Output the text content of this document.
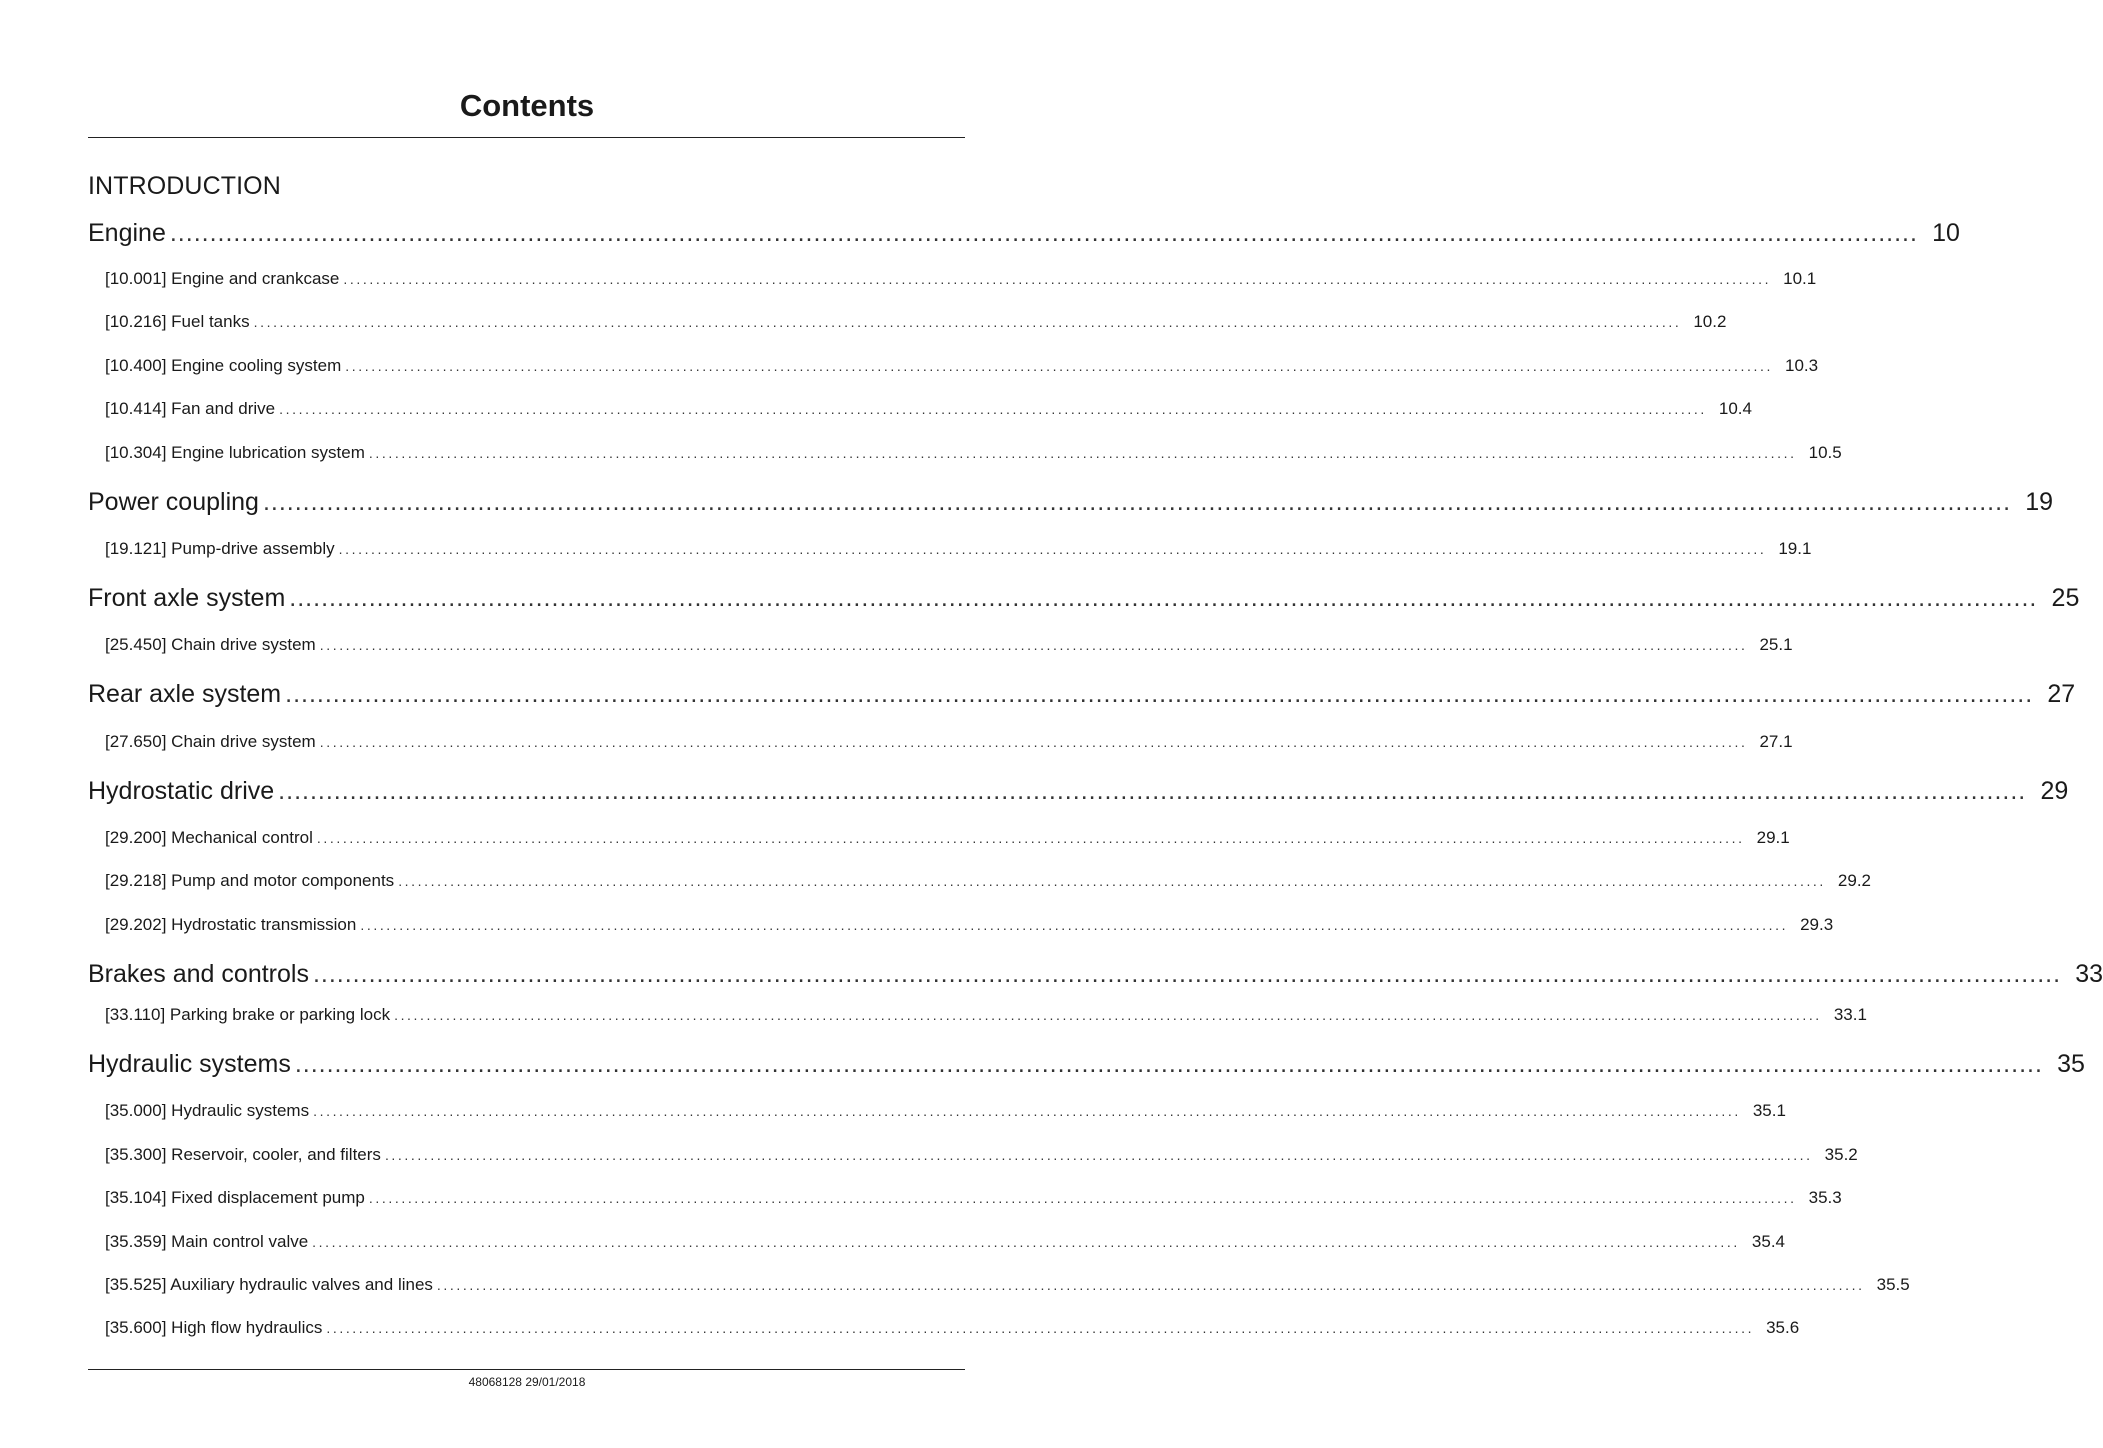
Contents
INTRODUCTION
Engine ............................................................................................................................................................................................................................ 10
[10.001] Engine and crankcase ............................................................................................................................................................................................................................ 10.1
[10.216] Fuel tanks ............................................................................................................................................................................................................................ 10.2
[10.400] Engine cooling system ............................................................................................................................................................................................................................ 10.3
[10.414] Fan and drive ............................................................................................................................................................................................................................ 10.4
[10.304] Engine lubrication system ............................................................................................................................................................................................................................ 10.5
Power coupling ............................................................................................................................................................................................................................ 19
[19.121] Pump-drive assembly ............................................................................................................................................................................................................................ 19.1
Front axle system ............................................................................................................................................................................................................................ 25
[25.450] Chain drive system ............................................................................................................................................................................................................................ 25.1
Rear axle system ............................................................................................................................................................................................................................ 27
[27.650] Chain drive system ............................................................................................................................................................................................................................ 27.1
Hydrostatic drive ............................................................................................................................................................................................................................ 29
[29.200] Mechanical control ............................................................................................................................................................................................................................ 29.1
[29.218] Pump and motor components ............................................................................................................................................................................................................................ 29.2
[29.202] Hydrostatic transmission ............................................................................................................................................................................................................................ 29.3
Brakes and controls ............................................................................................................................................................................................................................ 33
[33.110] Parking brake or parking lock ............................................................................................................................................................................................................................ 33.1
Hydraulic systems ............................................................................................................................................................................................................................ 35
[35.000] Hydraulic systems ............................................................................................................................................................................................................................ 35.1
[35.300] Reservoir, cooler, and filters ............................................................................................................................................................................................................................ 35.2
[35.104] Fixed displacement pump ............................................................................................................................................................................................................................ 35.3
[35.359] Main control valve ............................................................................................................................................................................................................................ 35.4
[35.525] Auxiliary hydraulic valves and lines ............................................................................................................................................................................................................................ 35.5
[35.600] High flow hydraulics ............................................................................................................................................................................................................................ 35.6
48068128 29/01/2018
